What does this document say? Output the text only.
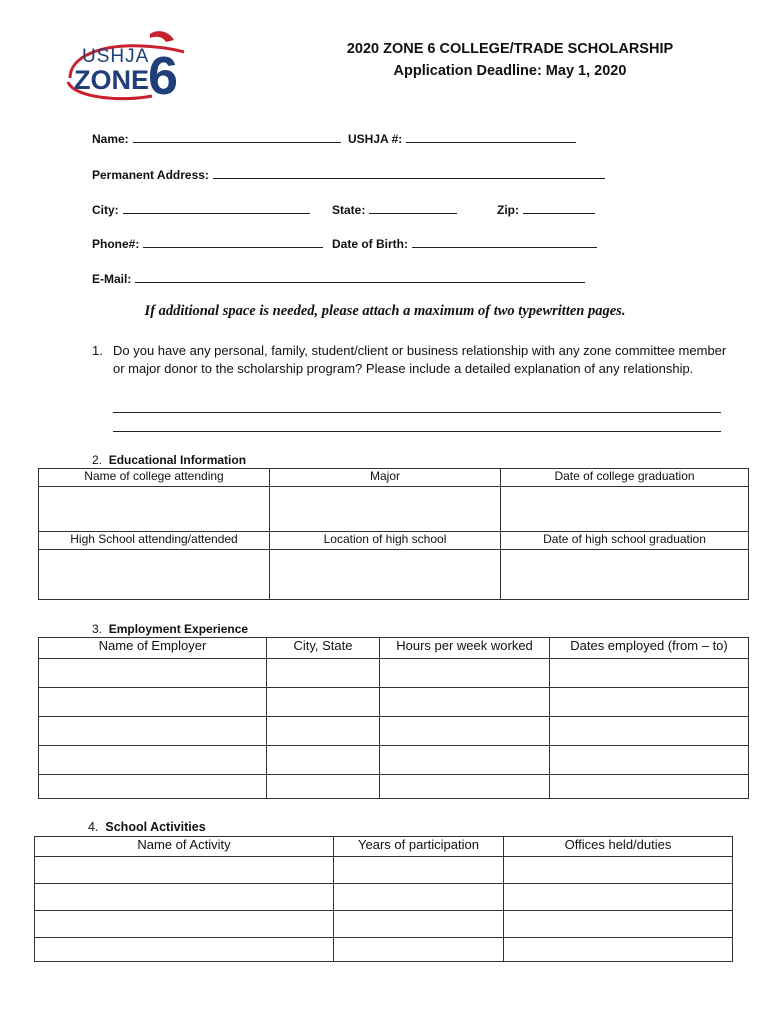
USHJA
ZONE
6	2020 ZONE 6 COLLEGE/TRADE SCHOLARSHIP
Application Deadline: May 1, 2020
Name:	USHJA #:
Permanent Address:
City:	State:	Zip:
Phone#:	Date of Birth:
E-Mail:
If additional space is needed, please attach a maximum of two typewritten pages.
1. Do you have any personal, family, student/client or business relationship with any zone committee member or major donor to the scholarship program? Please include a detailed explanation of any relationship.
2. Educational Information
Name of college attending	Major	Date of college graduation

High School attending/attended	Location of high school	Date of high school graduation

3. Employment Experience
Name of Employer	City, State	Hours per week worked	Dates employed (from – to)

4. School Activities
Name of Activity	Years of participation	Offices held/duties
